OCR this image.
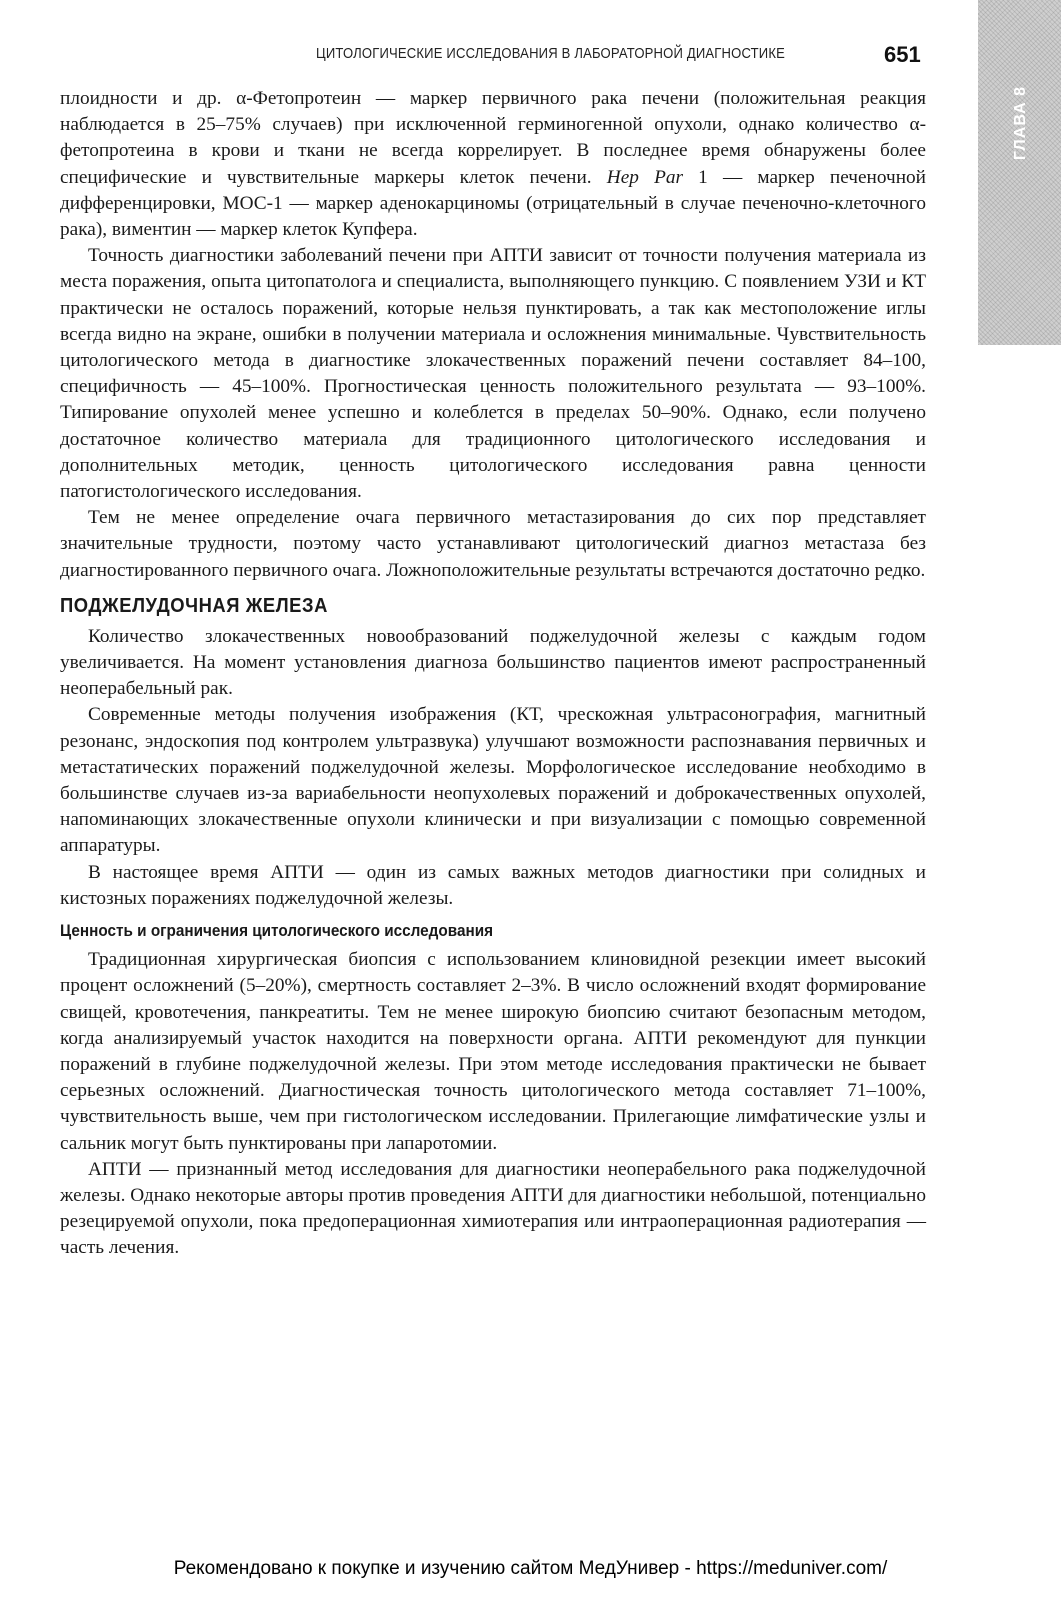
ГЛАВА 8
ЦИТОЛОГИЧЕСКИЕ ИССЛЕДОВАНИЯ В ЛАБОРАТОРНОЙ ДИАГНОСТИКЕ	651

плоидности и др. α-Фетопротеин — маркер первичного рака печени (положительная реакция наблюдается в 25–75% случаев) при исключенной герминогенной опухоли, однако количество α-фетопротеина в крови и ткани не всегда коррелирует. В последнее время обнаружены более специфические и чувствительные маркеры клеток печени. Hep Par 1 — маркер печеночной дифференцировки, МОС-1 — маркер аденокарциномы (отрицательный в случае печеночно-клеточного рака), виментин — маркер клеток Купфера.

Точность диагностики заболеваний печени при АПТИ зависит от точности получения материала из места поражения, опыта цитопатолога и специалиста, выполняющего пункцию. С появлением УЗИ и КТ практически не осталось поражений, которые нельзя пунктировать, а так как местоположение иглы всегда видно на экране, ошибки в получении материала и осложнения минимальные. Чувствительность цитологического метода в диагностике злокачественных поражений печени составляет 84–100, специфичность — 45–100%. Прогностическая ценность положительного результата — 93–100%. Типирование опухолей менее успешно и колеблется в пределах 50–90%. Однако, если получено достаточное количество материала для традиционного цитологического исследования и дополнительных методик, ценность цитологического исследования равна ценности патогистологического исследования.

Тем не менее определение очага первичного метастазирования до сих пор представляет значительные трудности, поэтому часто устанавливают цитологический диагноз метастаза без диагностированного первичного очага. Ложноположительные результаты встречаются достаточно редко.

ПОДЖЕЛУДОЧНАЯ ЖЕЛЕЗА

Количество злокачественных новообразований поджелудочной железы с каждым годом увеличивается. На момент установления диагноза большинство пациентов имеют распространенный неоперабельный рак.

Современные методы получения изображения (КТ, чрескожная ультрасонография, магнитный резонанс, эндоскопия под контролем ультразвука) улучшают возможности распознавания первичных и метастатических поражений поджелудочной железы. Морфологическое исследование необходимо в большинстве случаев из-за вариабельности неопухолевых поражений и доброкачественных опухолей, напоминающих злокачественные опухоли клинически и при визуализации с помощью современной аппаратуры.

В настоящее время АПТИ — один из самых важных методов диагностики при солидных и кистозных поражениях поджелудочной железы.

Ценность и ограничения цитологического исследования

Традиционная хирургическая биопсия с использованием клиновидной резекции имеет высокий процент осложнений (5–20%), смертность составляет 2–3%. В число осложнений входят формирование свищей, кровотечения, панкреатиты. Тем не менее широкую биопсию считают безопасным методом, когда анализируемый участок находится на поверхности органа. АПТИ рекомендуют для пункции поражений в глубине поджелудочной железы. При этом методе исследования практически не бывает серьезных осложнений. Диагностическая точность цитологического метода составляет 71–100%, чувствительность выше, чем при гистологическом исследовании. Прилегающие лимфатические узлы и сальник могут быть пунктированы при лапаротомии.

АПТИ — признанный метод исследования для диагностики неоперабельного рака поджелудочной железы. Однако некоторые авторы против проведения АПТИ для диагностики небольшой, потенциально резецируемой опухоли, пока предоперационная химиотерапия или интраоперационная радиотерапия — часть лечения.

Рекомендовано к покупке и изучению сайтом МедУнивер - https://meduniver.com/
